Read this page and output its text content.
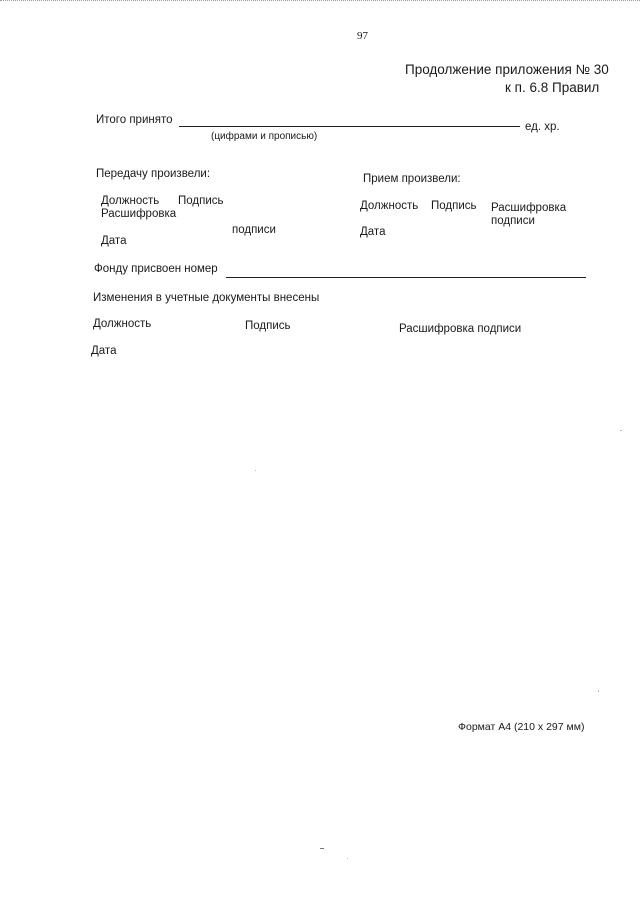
97
Продолжение приложения № 30
к п. 6.8 Правил
Итого принято
ед. хр.
(цифрами и прописью)
Передачу произвели:
Должность Подпись
Расшифровка
подписи
Дата
Прием произвели:
Должность Подпись Расшифровка
подписи
Дата
Фонду присвоен номер
Изменения в учетные документы внесены
Должность	Подпись	Расшифровка подписи
Дата
Формат А4 (210 х 297 мм)
